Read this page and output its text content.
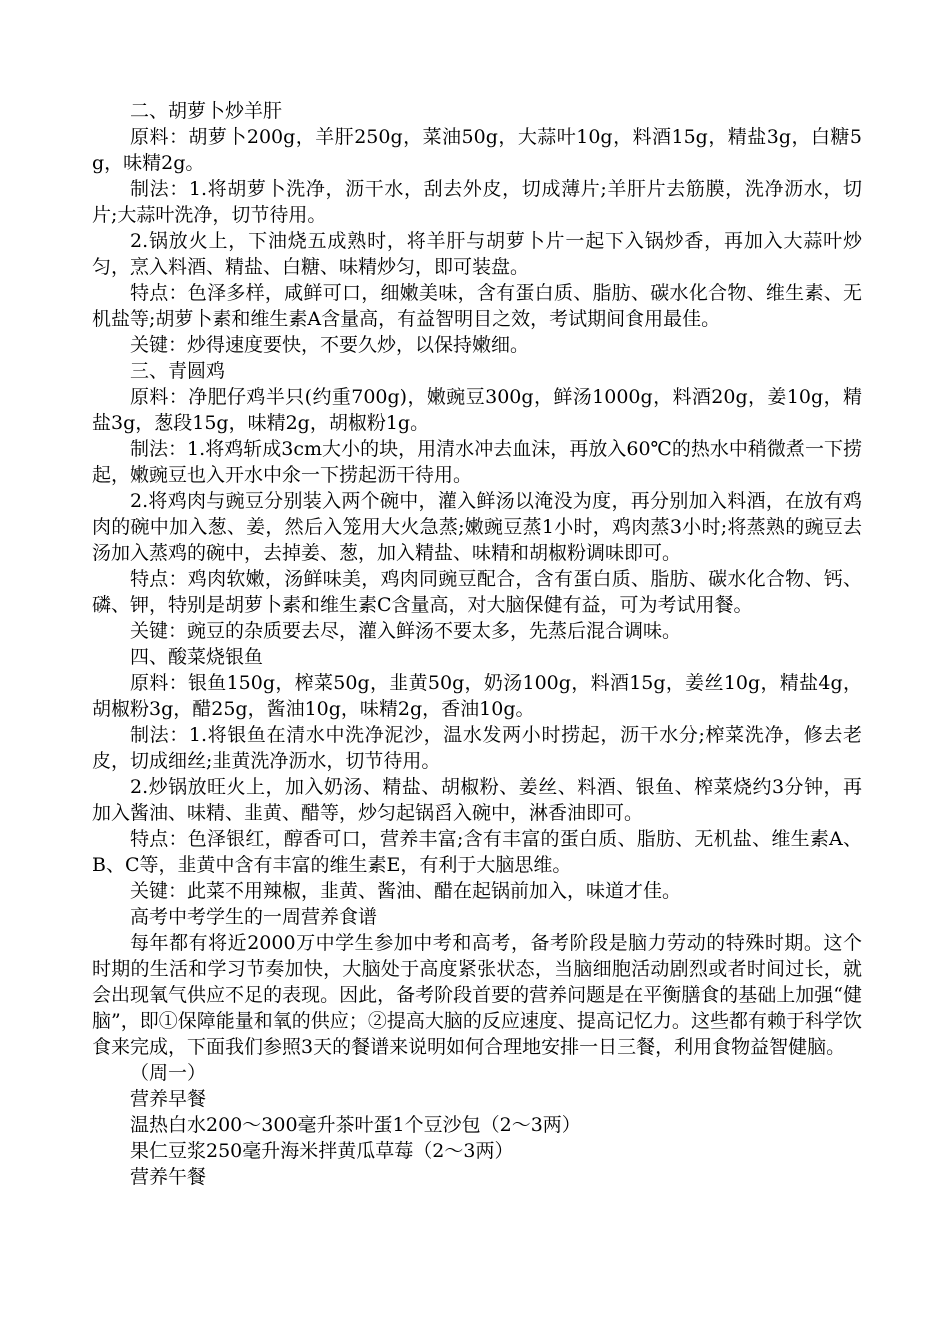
二、胡萝卜炒羊肝

原料：胡萝卜200g，羊肝250g，菜油50g，大蒜叶10g，料酒15g，精盐3g，白糖5g，味精2g。

制法：1.将胡萝卜洗净，沥干水，刮去外皮，切成薄片;羊肝片去筋膜，洗净沥水，切片;大蒜叶洗净，切节待用。

2.锅放火上，下油烧五成熟时，将羊肝与胡萝卜片一起下入锅炒香，再加入大蒜叶炒匀，烹入料酒、精盐、白糖、味精炒匀，即可装盘。

特点：色泽多样，咸鲜可口，细嫩美味，含有蛋白质、脂肪、碳水化合物、维生素、无机盐等;胡萝卜素和维生素A含量高，有益智明目之效，考试期间食用最佳。

关键：炒得速度要快，不要久炒，以保持嫩细。

三、青圆鸡

原料：净肥仔鸡半只(约重700g)，嫩豌豆300g，鲜汤1000g，料酒20g，姜10g，精盐3g，葱段15g，味精2g，胡椒粉1g。

制法：1.将鸡斩成3cm大小的块，用清水冲去血沫，再放入60℃的热水中稍微煮一下捞起，嫩豌豆也入开水中氽一下捞起沥干待用。

2.将鸡肉与豌豆分别装入两个碗中，灌入鲜汤以淹没为度，再分别加入料酒，在放有鸡肉的碗中加入葱、姜，然后入笼用大火急蒸;嫩豌豆蒸1小时，鸡肉蒸3小时;将蒸熟的豌豆去汤加入蒸鸡的碗中，去掉姜、葱，加入精盐、味精和胡椒粉调味即可。

特点：鸡肉软嫩，汤鲜味美，鸡肉同豌豆配合，含有蛋白质、脂肪、碳水化合物、钙、磷、钾，特别是胡萝卜素和维生素C含量高，对大脑保健有益，可为考试用餐。

关键：豌豆的杂质要去尽，灌入鲜汤不要太多，先蒸后混合调味。

四、酸菜烧银鱼

原料：银鱼150g，榨菜50g，韭黄50g，奶汤100g，料酒15g，姜丝10g，精盐4g，胡椒粉3g，醋25g，酱油10g，味精2g，香油10g。

制法：1.将银鱼在清水中洗净泥沙，温水发两小时捞起，沥干水分;榨菜洗净，修去老皮，切成细丝;韭黄洗净沥水，切节待用。

2.炒锅放旺火上，加入奶汤、精盐、胡椒粉、姜丝、料酒、银鱼、榨菜烧约3分钟，再加入酱油、味精、韭黄、醋等，炒匀起锅舀入碗中，淋香油即可。

特点：色泽银红，醇香可口，营养丰富;含有丰富的蛋白质、脂肪、无机盐、维生素A、B、C等，韭黄中含有丰富的维生素E，有利于大脑思维。

关键：此菜不用辣椒，韭黄、酱油、醋在起锅前加入，味道才佳。

高考中考学生的一周营养食谱

每年都有将近2000万中学生参加中考和高考，备考阶段是脑力劳动的特殊时期。这个时期的生活和学习节奏加快，大脑处于高度紧张状态，当脑细胞活动剧烈或者时间过长，就会出现氧气供应不足的表现。因此，备考阶段首要的营养问题是在平衡膳食的基础上加强“健脑”，即①保障能量和氧的供应；②提高大脑的反应速度、提高记忆力。这些都有赖于科学饮食来完成，下面我们参照3天的餐谱来说明如何合理地安排一日三餐，利用食物益智健脑。

（周一）

营养早餐

温热白水200～300毫升茶叶蛋1个豆沙包（2～3两）

果仁豆浆250毫升海米拌黄瓜草莓（2～3两）

营养午餐
